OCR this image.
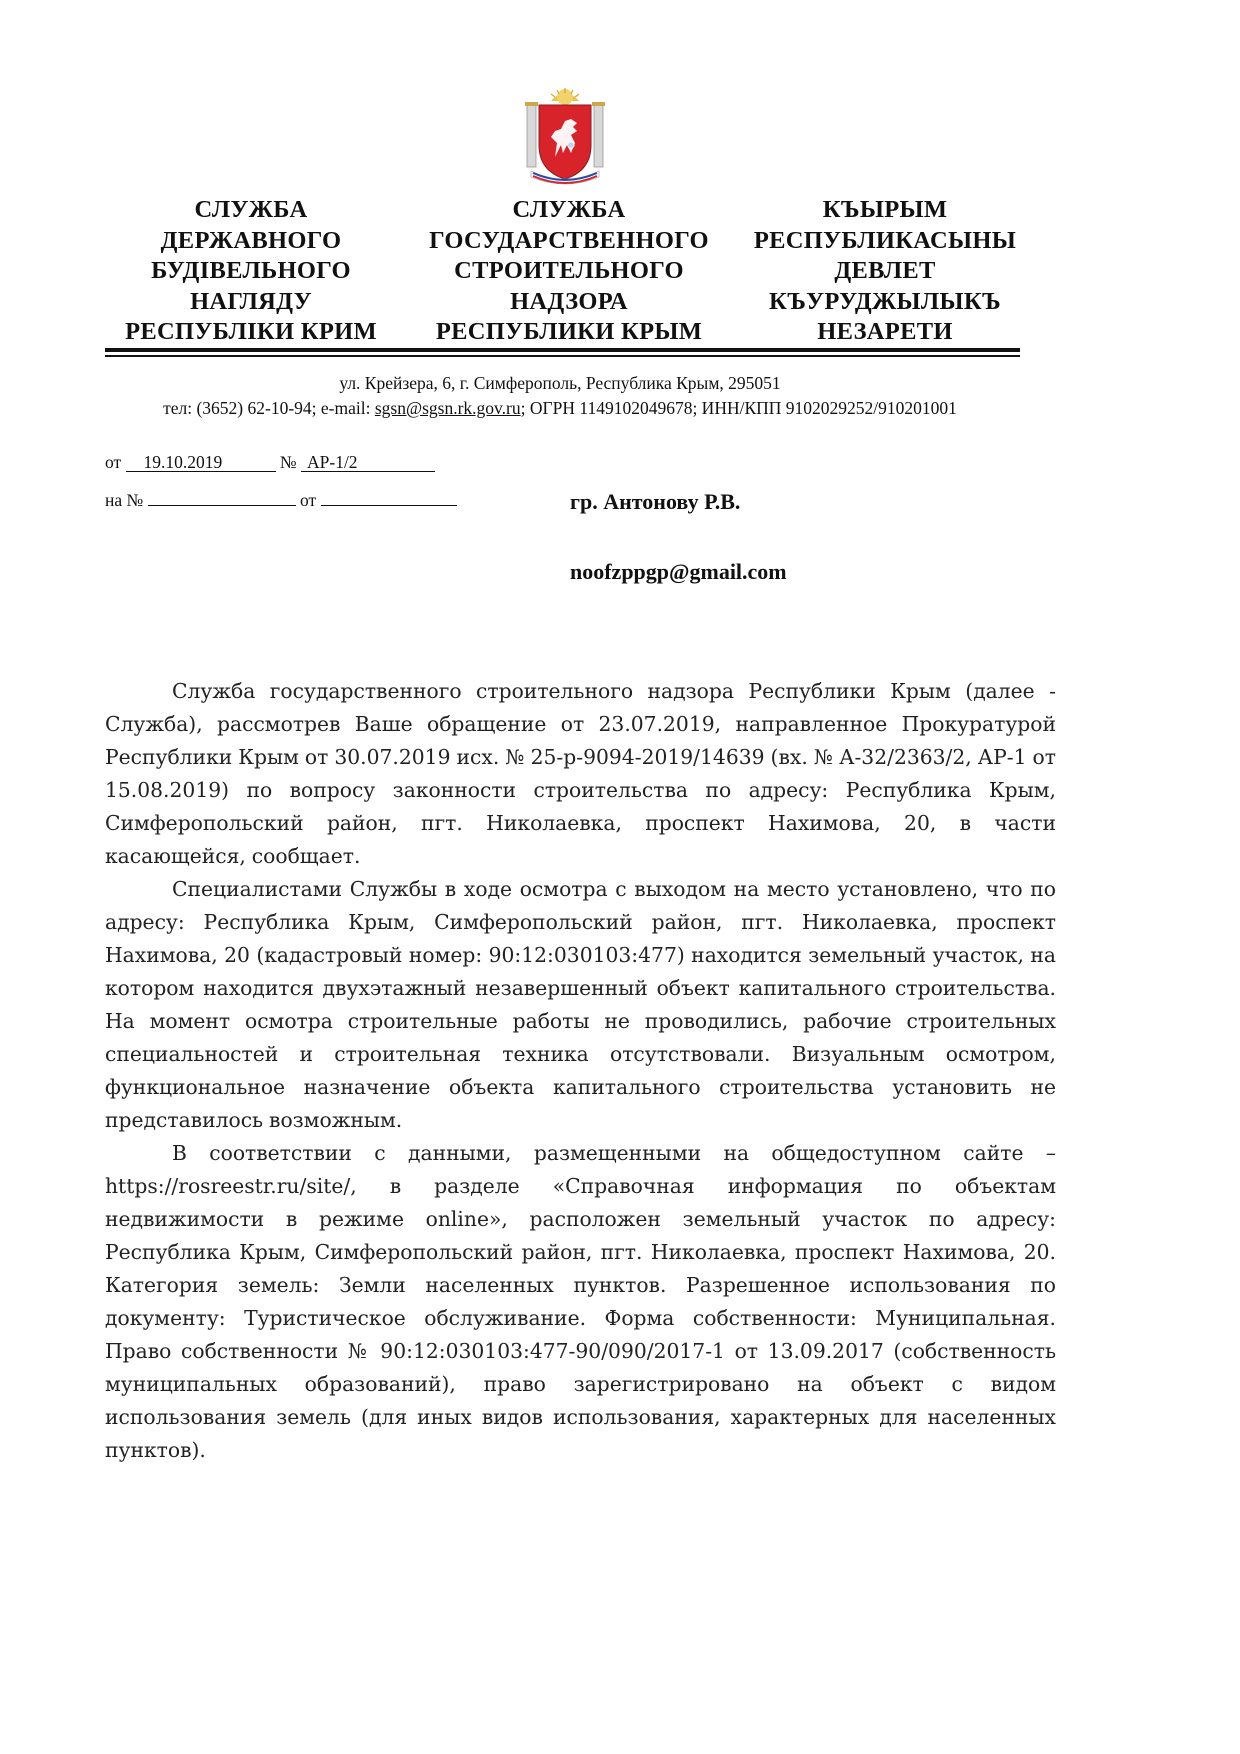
СЛУЖБА
ДЕРЖАВНОГО
БУДІВЕЛЬНОГО
НАГЛЯДУ
РЕСПУБЛІКИ КРИМ
СЛУЖБА
ГОСУДАРСТВЕННОГО
СТРОИТЕЛЬНОГО
НАДЗОРА
РЕСПУБЛИКИ КРЫМ
КЪЫРЫМ
РЕСПУБЛИКАСЫНЫ
ДЕВЛЕТ
КЪУРУДЖЫЛЫКЪ
НЕЗАРЕТИ
ул. Крейзера, 6, г. Симферополь, Республика Крым, 295051
тел: (3652) 62-10-94; e-mail: sgsn@sgsn.rk.gov.ru; ОГРН 1149102049678; ИНН/КПП 9102029252/910201001
от 19.10.2019	№ АР-1/2
на №	от	гр. Антонову Р.В.
noofzppgp@gmail.com

Служба государственного строительного надзора Республики Крым (далее - Служба), рассмотрев Ваше обращение от 23.07.2019, направленное Прокуратурой Республики Крым от 30.07.2019 исх. № 25-р-9094-2019/14639 (вх. № А-32/2363/2, АР-1 от 15.08.2019) по вопросу законности строительства по адресу: Республика Крым, Симферопольский район, пгт. Николаевка, проспект Нахимова, 20, в части касающейся, сообщает.

Специалистами Службы в ходе осмотра с выходом на место установлено, что по адресу: Республика Крым, Симферопольский район, пгт. Николаевка, проспект Нахимова, 20 (кадастровый номер: 90:12:030103:477) находится земельный участок, на котором находится двухэтажный незавершенный объект капитального строительства. На момент осмотра строительные работы не проводились, рабочие строительных специальностей и строительная техника отсутствовали. Визуальным осмотром, функциональное назначение объекта капитального строительства установить не представилось возможным.

В соответствии с данными, размещенными на общедоступном сайте – https://rosreestr.ru/site/, в разделе «Справочная информация по объектам недвижимости в режиме online», расположен земельный участок по адресу: Республика Крым, Симферопольский район, пгт. Николаевка, проспект Нахимова, 20. Категория земель: Земли населенных пунктов. Разрешенное использования по документу: Туристическое обслуживание. Форма собственности: Муниципальная. Право собственности № 90:12:030103:477-90/090/2017-1 от 13.09.2017 (собственность муниципальных образований), право зарегистрировано на объект с видом использования земель (для иных видов использования, характерных для населенных пунктов).
